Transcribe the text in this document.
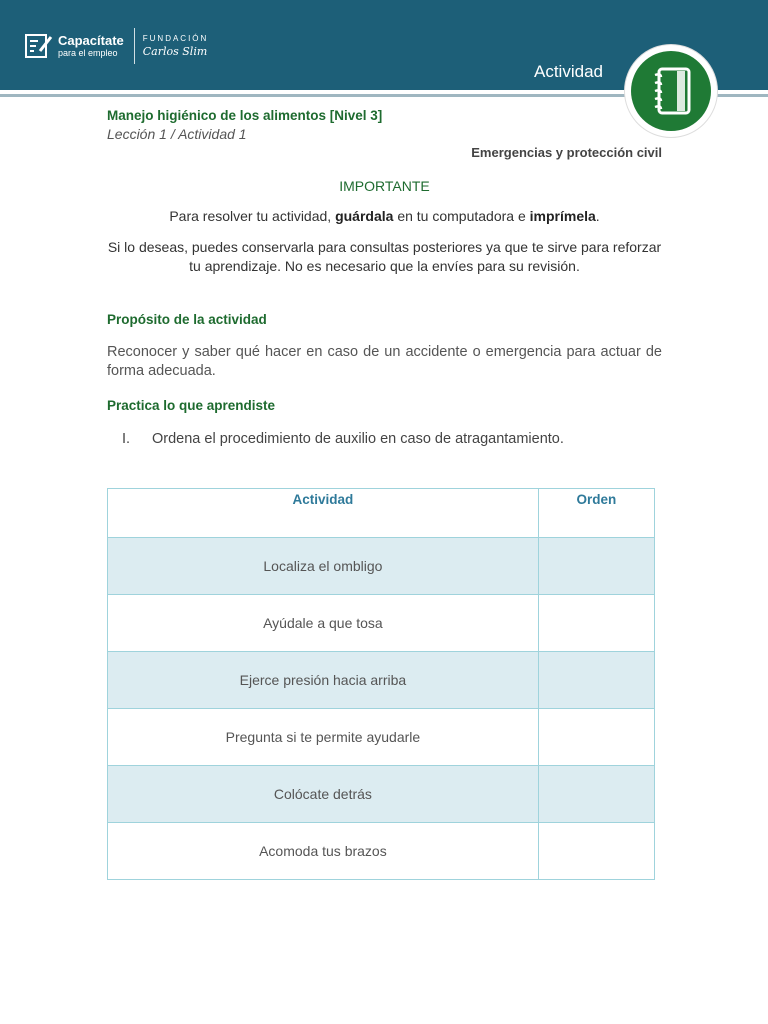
Capacítate
para el empleo
FUNDACIÓN
Carlos Slim
Actividad
Manejo higiénico de los alimentos [Nivel 3]
Lección 1 / Actividad 1
Emergencias y protección civil
IMPORTANTE
Para resolver tu actividad, guárdala en tu computadora e imprímela.
Si lo deseas, puedes conservarla para consultas posteriores ya que te sirve para reforzar tu aprendizaje. No es necesario que la envíes para su revisión.
Propósito de la actividad
Reconocer y saber qué hacer en caso de un accidente o emergencia para actuar de forma adecuada.
Practica lo que aprendiste
I.	Ordena el procedimiento de auxilio en caso de atragantamiento.
Actividad	Orden
Localiza el ombligo	
Ayúdale a que tosa	
Ejerce presión hacia arriba	
Pregunta si te permite ayudarle	
Colócate detrás	
Acomoda tus brazos	
